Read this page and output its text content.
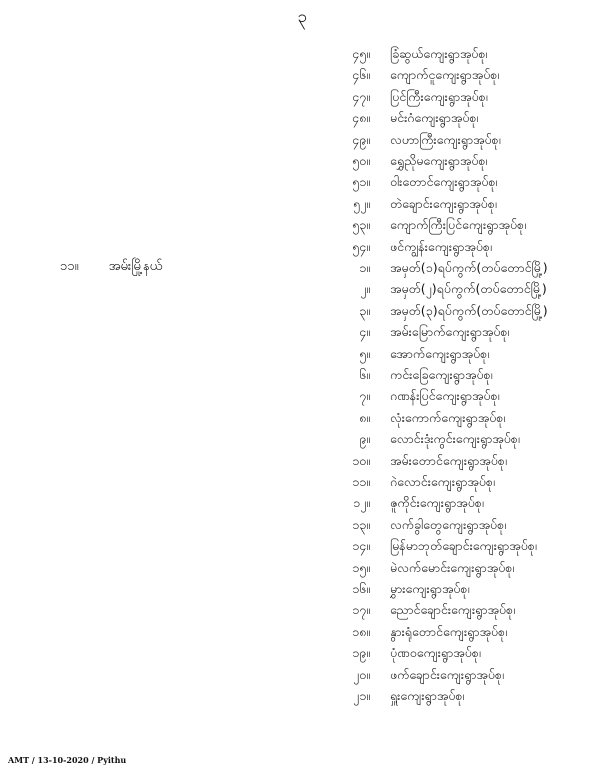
၃
၁၁။ အမ်းမြို့နယ်
၄၅။ ခြံဆွယ်ကျေးရွာအုပ်စု၊
၄၆။ ကျောက်ငူကျေးရွာအုပ်စု၊
၄၇။ ပြင်ကြီးကျေးရွာအုပ်စု၊
၄၈။ မင်းဂံကျေးရွာအုပ်စု၊
၄၉။ လဟာကြီးကျေးရွာအုပ်စု၊
၅၀။ ရွှေညိုမကျေးရွာအုပ်စု၊
၅၁။ ဝါးတောင်ကျေးရွာအုပ်စု၊
၅၂။ တဲချောင်းကျေးရွာအုပ်စု၊
၅၃။ ကျောက်ကြီးပြင်ကျေးရွာအုပ်စု၊
၅၄။ ဖင်ကျွန်းကျေးရွာအုပ်စု၊
၁။ အမှတ်(၁)ရပ်ကွက်(တပ်တောင်မြို့)
၂။ အမှတ်(၂)ရပ်ကွက်(တပ်တောင်မြို့)
၃။ အမှတ်(၃)ရပ်ကွက်(တပ်တောင်မြို့)
၄။ အမ်းမြောက်ကျေးရွာအုပ်စု၊
၅။ အောက်ကျေးရွာအုပ်စု၊
၆။ ကင်းခြေကျေးရွာအုပ်စု၊
၇။ ဂဏန်းပြင်ကျေးရွာအုပ်စု၊
၈။ လုံးကောက်ကျေးရွာအုပ်စု၊
၉။ လောင်းဒုံးကွင်းကျေးရွာအုပ်စု၊
၁၀။ အမ်းတောင်ကျေးရွာအုပ်စု၊
၁၁။ ဂဲလောင်းကျေးရွာအုပ်စု၊
၁၂။ ဇူကိုင်းကျေးရွာအုပ်စု၊
၁၃။ လက်ခွါတွေကျေးရွာအုပ်စု၊
၁၄။ မြန်မာဘုတ်ချောင်းကျေးရွာအုပ်စု၊
၁၅။ မဲလက်မောင်းကျေးရွာအုပ်စု၊
၁၆။ မွှားကျေးရွာအုပ်စု၊
၁၇။ ညောင်ချောင်းကျေးရွာအုပ်စု၊
၁၈။ နွားရုံတောင်ကျေးရွာအုပ်စု၊
၁၉။ ပုံဏဝကျေးရွာအုပ်စု၊
၂၀။ ဖက်ချောင်းကျေးရွာအုပ်စု၊
၂၁။ ရှူးကျေးရွာအုပ်စု၊
AMT / 13-10-2020 / Pyithu
